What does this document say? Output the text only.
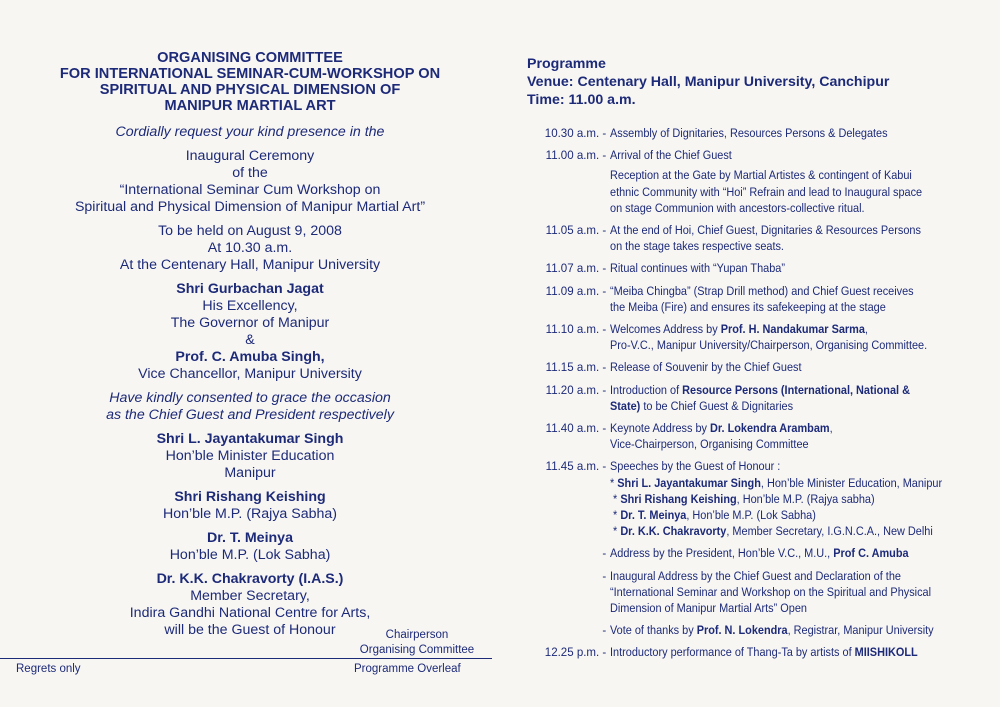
ORGANISING COMMITTEE
FOR INTERNATIONAL SEMINAR-CUM-WORKSHOP ON
SPIRITUAL AND PHYSICAL DIMENSION OF
MANIPUR MARTIAL ART
Cordially request your kind presence in the
Inaugural Ceremony
of the
“International Seminar Cum Workshop on
Spiritual and Physical Dimension of Manipur Martial Art”
To be held on August 9, 2008
At 10.30 a.m.
At the Centenary Hall, Manipur University
Shri Gurbachan Jagat
His Excellency,
The Governor of Manipur
&
Prof. C. Amuba Singh,
Vice Chancellor, Manipur University
Have kindly consented to grace the occasion
as the Chief Guest and President respectively
Shri L. Jayantakumar Singh
Hon’ble Minister Education
Manipur
Shri Rishang Keishing
Hon’ble M.P. (Rajya Sabha)
Dr. T. Meinya
Hon’ble M.P. (Lok Sabha)
Dr. K.K. Chakravorty (I.A.S.)
Member Secretary,
Indira Gandhi National Centre for Arts,
will be the Guest of Honour	Chairperson
Organising Committee
Regrets only	Programme Overleaf
Programme
Venue: Centenary Hall, Manipur University, Canchipur
Time: 11.00 a.m.
10.30 a.m. - Assembly of Dignitaries, Resources Persons & Delegates
11.00 a.m. - Arrival of the Chief Guest
Reception at the Gate by Martial Artistes & contingent of Kabui
ethnic Community with “Hoi” Refrain and lead to Inaugural space
on stage Communion with ancestors-collective ritual.
11.05 a.m. - At the end of Hoi, Chief Guest, Dignitaries & Resources Persons
on the stage takes respective seats.
11.07 a.m. - Ritual continues with “Yupan Thaba”
11.09 a.m. - “Meiba Chingba” (Strap Drill method) and Chief Guest receives
the Meiba (Fire) and ensures its safekeeping at the stage
11.10 a.m. - Welcomes Address by Prof. H. Nandakumar Sarma,
Pro-V.C., Manipur University/Chairperson, Organising Committee.
11.15 a.m. - Release of Souvenir by the Chief Guest
11.20 a.m. - Introduction of Resource Persons (International, National &
State) to be Chief Guest & Dignitaries
11.40 a.m. - Keynote Address by Dr. Lokendra Arambam,
Vice-Chairperson, Organising Committee
11.45 a.m. - Speeches by the Guest of Honour :
* Shri L. Jayantakumar Singh, Hon’ble Minister Education, Manipur
* Shri Rishang Keishing, Hon’ble M.P. (Rajya sabha)
* Dr. T. Meinya, Hon’ble M.P. (Lok Sabha)
* Dr. K.K. Chakravorty, Member Secretary, I.G.N.C.A., New Delhi
- Address by the President, Hon’ble V.C., M.U., Prof C. Amuba
- Inaugural Address by the Chief Guest and Declaration of the
“International Seminar and Workshop on the Spiritual and Physical
Dimension of Manipur Martial Arts” Open
- Vote of thanks by Prof. N. Lokendra, Registrar, Manipur University
12.25 p.m. - Introductory performance of Thang-Ta by artists of MIISHIKOLL
